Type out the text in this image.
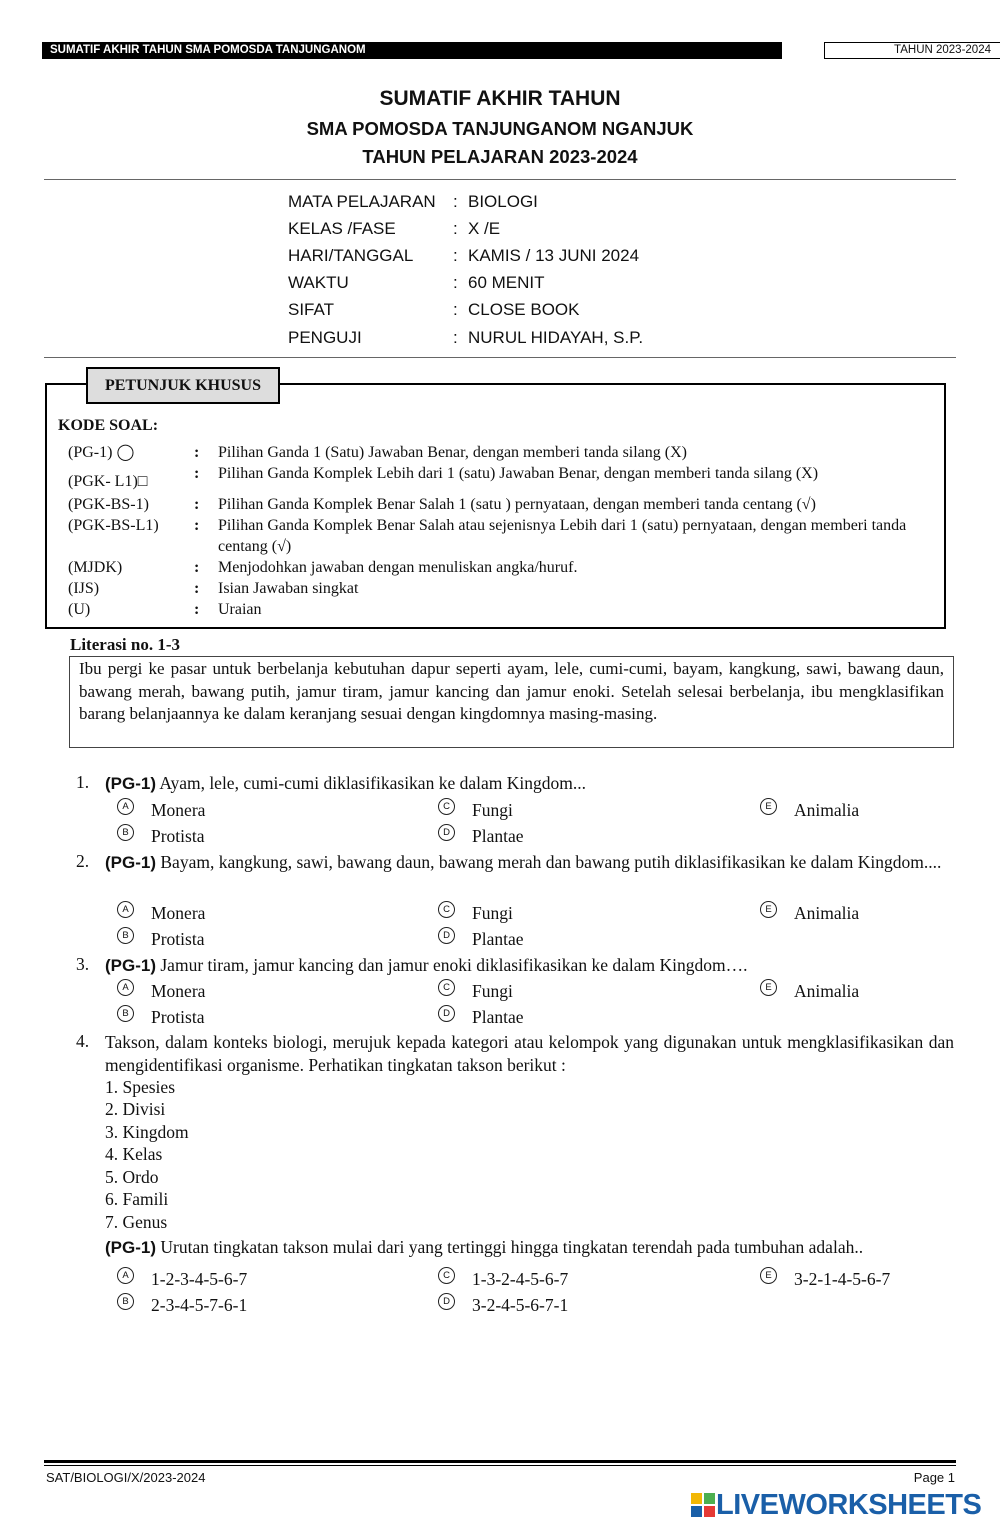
SUMATIF AKHIR TAHUN SMA POMOSDA TANJUNGANOM	TAHUN 2023-2024
SUMATIF AKHIR TAHUN
SMA POMOSDA TANJUNGANOM NGANJUK
TAHUN PELAJARAN 2023-2024
MATA PELAJARAN	: BIOLOGI
KELAS /FASE	: X /E
HARI/TANGGAL	: KAMIS / 13 JUNI 2024
WAKTU	: 60 MENIT
SIFAT	: CLOSE BOOK
PENGUJI	: NURUL HIDAYAH, S.P.
PETUNJUK KHUSUS
KODE SOAL:
(PG-1) ◯	: Pilihan Ganda 1 (Satu) Jawaban Benar, dengan memberi tanda silang (X)
(PGK- L1)□	: Pilihan Ganda Komplek Lebih dari 1 (satu) Jawaban Benar, dengan memberi tanda silang (X)
(PGK-BS-1)	: Pilihan Ganda Komplek Benar Salah 1 (satu ) pernyataan, dengan memberi tanda centang (√)
(PGK-BS-L1) : Pilihan Ganda Komplek Benar Salah atau sejenisnya Lebih dari 1 (satu) pernyataan, dengan memberi tanda centang (√)
(MJDK)	: Menjodohkan jawaban dengan menuliskan angka/huruf.
(IJS)	: Isian Jawaban singkat
(U)	: Uraian
Literasi no. 1-3
Ibu pergi ke pasar untuk berbelanja kebutuhan dapur seperti ayam, lele, cumi-cumi, bayam, kangkung, sawi, bawang daun, bawang merah, bawang putih, jamur tiram, jamur kancing dan jamur enoki. Setelah selesai berbelanja, ibu mengklasifikan barang belanjaannya ke dalam keranjang sesuai dengan kingdomnya masing-masing.
1. (PG-1) Ayam, lele, cumi-cumi diklasifikasikan ke dalam Kingdom...
A	Monera
B	Protista
C Fungi
D Plantae
E	Animalia
2. (PG-1) Bayam, kangkung, sawi, bawang daun, bawang merah dan bawang putih diklasifikasikan ke dalam Kingdom....
A	Monera
B	Protista
C Fungi
D Plantae
E	Animalia
3. (PG-1) Jamur tiram, jamur kancing dan jamur enoki diklasifikasikan ke dalam Kingdom….
A	Monera
B	Protista
C Fungi
D Plantae
E	Animalia
4. Takson, dalam konteks biologi, merujuk kepada kategori atau kelompok yang digunakan untuk mengklasifikasikan dan mengidentifikasi organisme. Perhatikan tingkatan takson berikut :
1. Spesies
2. Divisi
3. Kingdom
4. Kelas
5. Ordo
6. Famili
7. Genus
(PG-1) Urutan tingkatan takson mulai dari yang tertinggi hingga tingkatan terendah pada tumbuhan adalah..
A	1-2-3-4-5-6-7
B	2-3-4-5-7-6-1
C 1-3-2-4-5-6-7
D 3-2-4-5-6-7-1
E	3-2-1-4-5-6-7
SAT/BIOLOGI/X/2023-2024	Page 1
LIVEWORKSHEETS
